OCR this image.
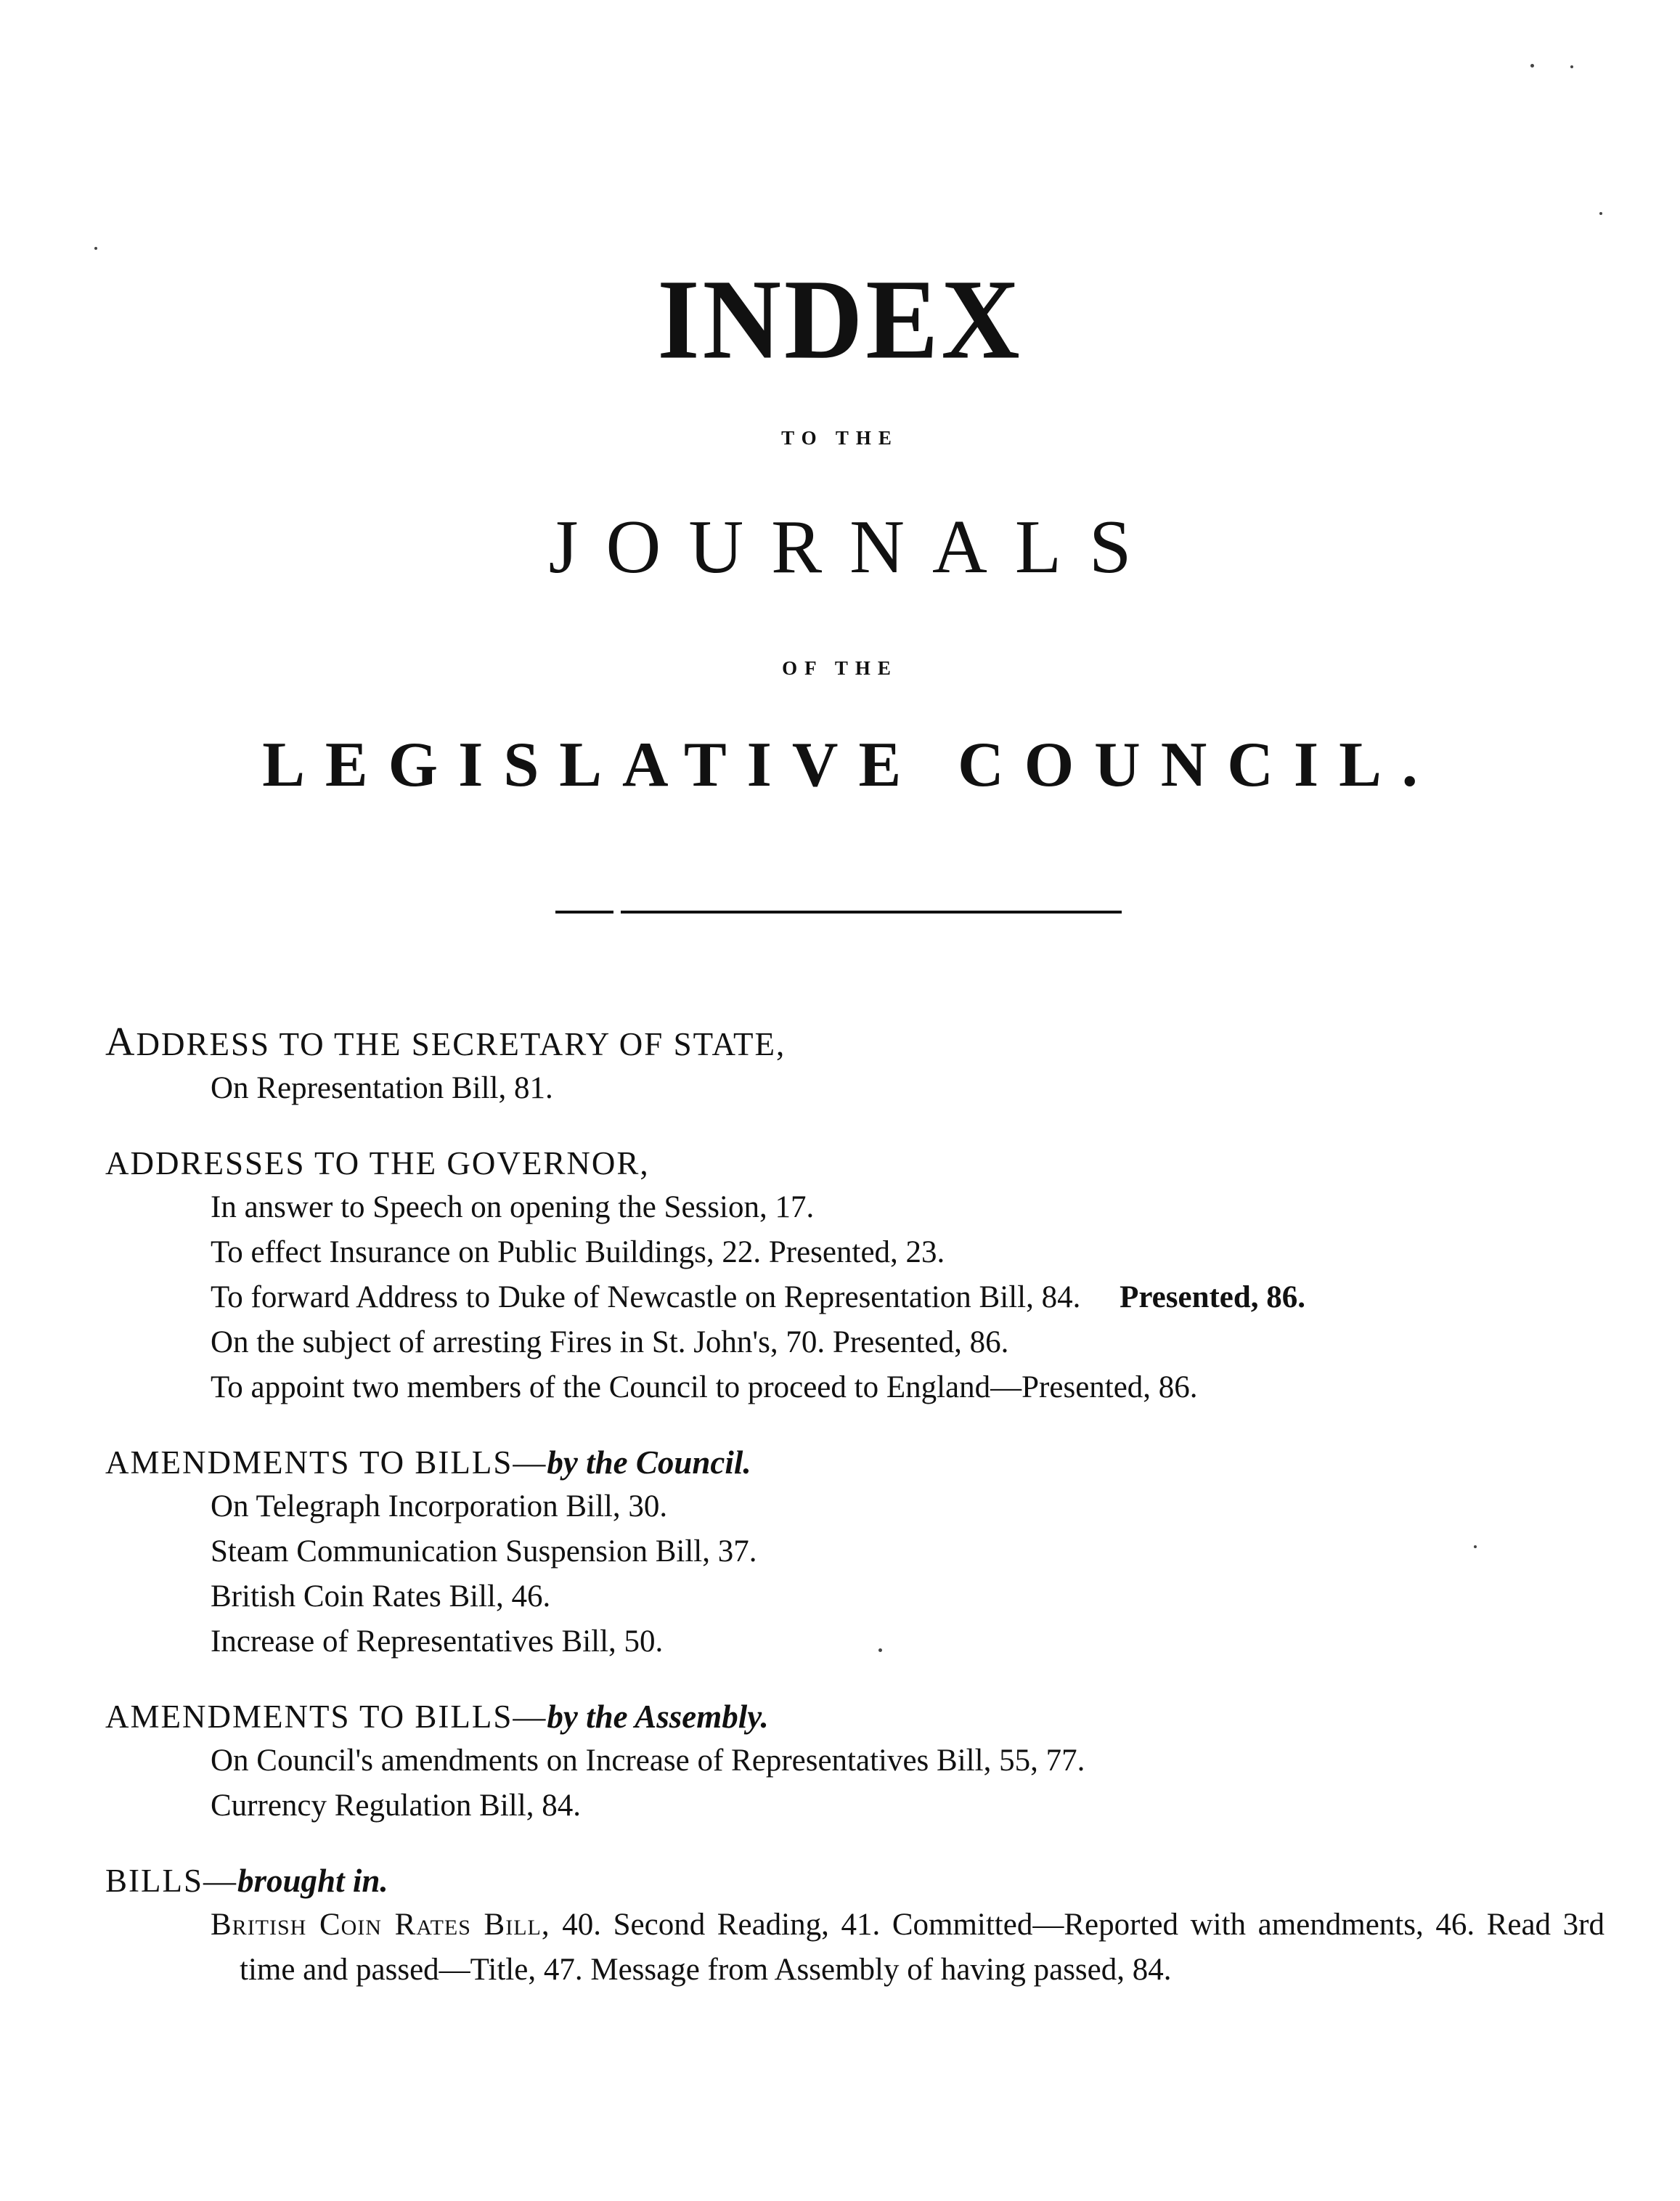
INDEX
TO THE
JOURNALS
OF THE
LEGISLATIVE COUNCIL.
ADDRESS TO THE SECRETARY OF STATE,
On Representation Bill, 81.
ADDRESSES TO THE GOVERNOR,
In answer to Speech on opening the Session, 17.
To effect Insurance on Public Buildings, 22. Presented, 23.
To forward Address to Duke of Newcastle on Representation Bill, 84. Presented, 86.
On the subject of arresting Fires in St. John's, 70. Presented, 86.
To appoint two members of the Council to proceed to England—Presented, 86.
AMENDMENTS TO BILLS—by the Council.
On Telegraph Incorporation Bill, 30.
Steam Communication Suspension Bill, 37.
British Coin Rates Bill, 46.
Increase of Representatives Bill, 50.
AMENDMENTS TO BILLS—by the Assembly.
On Council's amendments on Increase of Representatives Bill, 55, 77.
Currency Regulation Bill, 84.
BILLS—brought in.
British Coin Rates Bill, 40. Second Reading, 41. Committed—Reported with amendments, 46. Read 3rd time and passed—Title, 47. Message from Assembly of having passed, 84.
